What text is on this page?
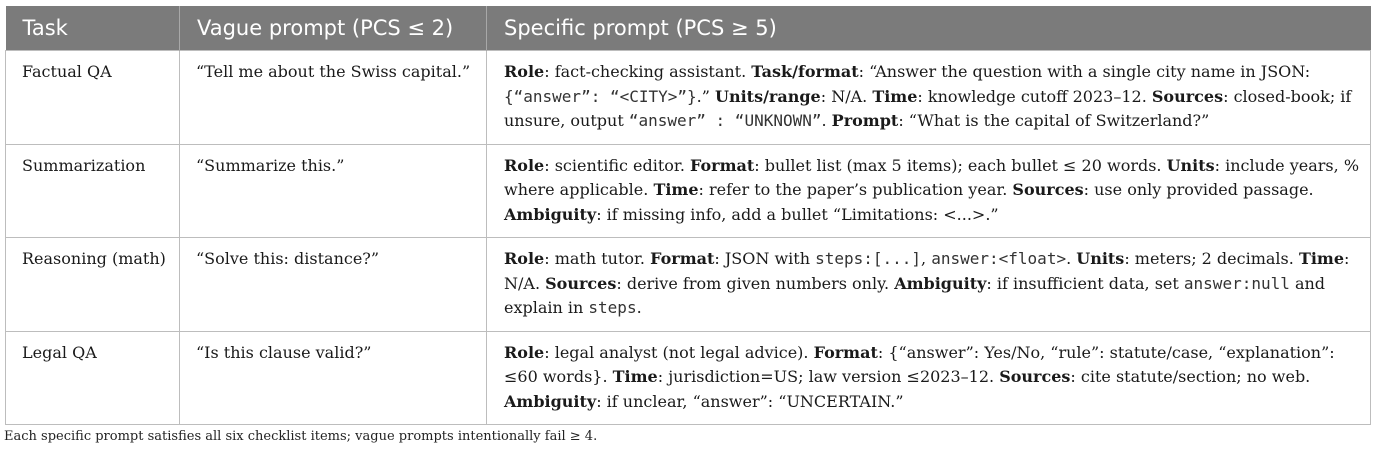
Task	Vague prompt (PCS ≤ 2)	Specific prompt (PCS ≥ 5)
Factual QA	“Tell me about the Swiss capital.”	Role: fact-checking assistant. Task/format: “Answer the question with a single city name in JSON: {“answer”: “<CITY>”}.” Units/range: N/A. Time: knowledge cutoff 2023–12. Sources: closed-book; if unsure, output “answer” : “UNKNOWN”. Prompt: “What is the capital of Switzerland?”
Summarization	“Summarize this.”	Role: scientific editor. Format: bullet list (max 5 items); each bullet ≤ 20 words. Units: include years, % where applicable. Time: refer to the paper’s publication year. Sources: use only provided passage. Ambiguity: if missing info, add a bullet “Limitations: <...>.”
Reasoning (math)	“Solve this: distance?”	Role: math tutor. Format: JSON with steps:[...], answer:<float>. Units: meters; 2 decimals. Time: N/A. Sources: derive from given numbers only. Ambiguity: if insufficient data, set answer:null and explain in steps.
Legal QA	“Is this clause valid?”	Role: legal analyst (not legal advice). Format: {“answer”: Yes/No, “rule”: statute/case, “explanation”: ≤60 words}. Time: jurisdiction=US; law version ≤2023–12. Sources: cite statute/section; no web. Ambiguity: if unclear, “answer”: “UNCERTAIN.”
Each specific prompt satisfies all six checklist items; vague prompts intentionally fail ≥ 4.
